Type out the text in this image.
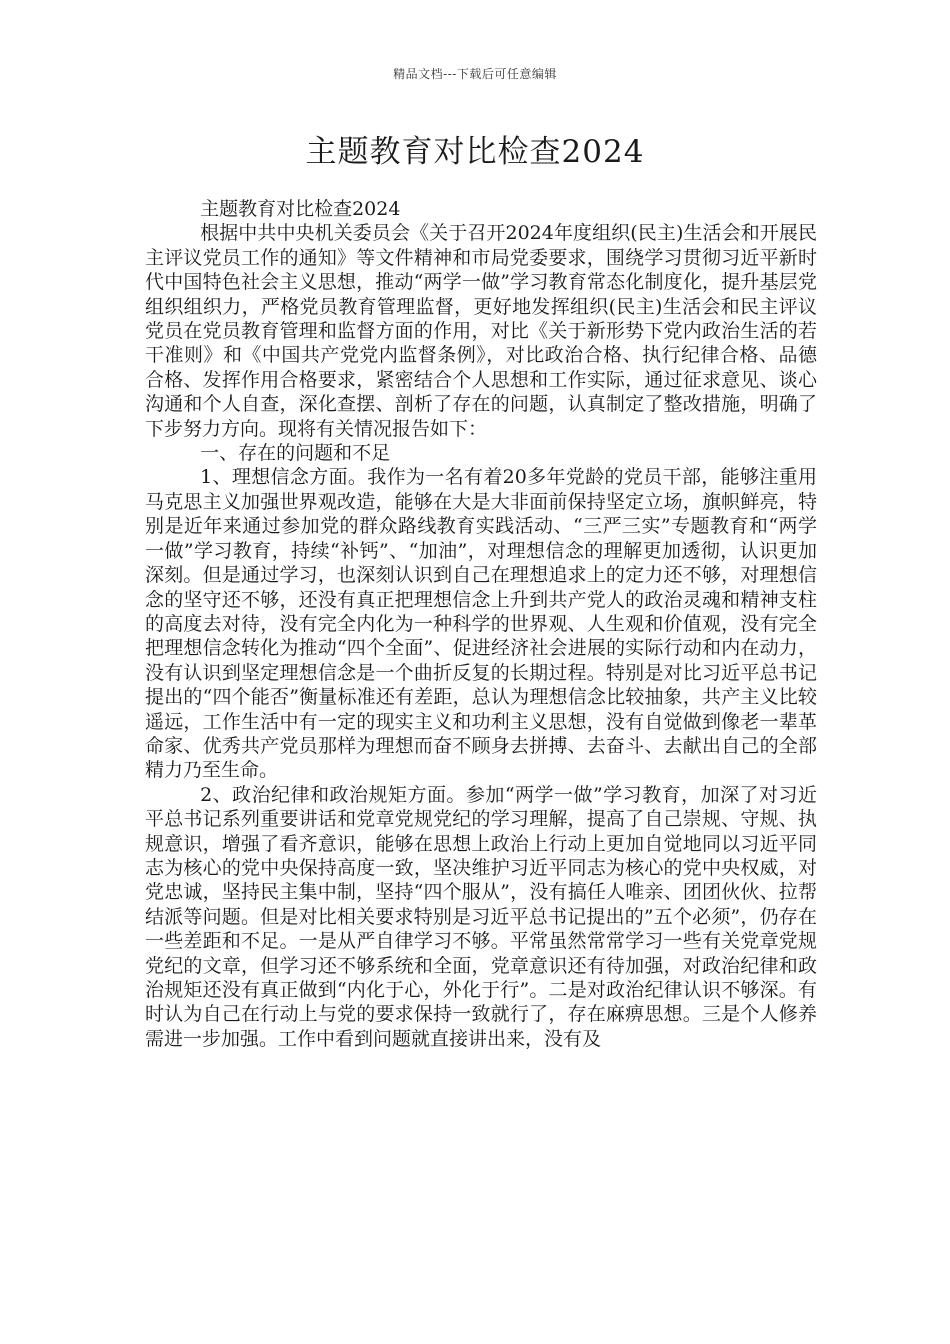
精品文档---下载后可任意编辑
主题教育对比检查2024

主题教育对比检查2024

根据中共中央机关委员会《关于召开2024年度组织(民主)生活会和开展民主评议党员工作的通知》等文件精神和市局党委要求，围绕学习贯彻习近平新时代中国特色社会主义思想，推动“两学一做”学习教育常态化制度化，提升基层党组织组织力，严格党员教育管理监督，更好地发挥组织(民主)生活会和民主评议党员在党员教育管理和监督方面的作用，对比《关于新形势下党内政治生活的若干准则》和《中国共产党党内监督条例》，对比政治合格、执行纪律合格、品德合格、发挥作用合格要求，紧密结合个人思想和工作实际，通过征求意见、谈心沟通和个人自查，深化查摆、剖析了存在的问题，认真制定了整改措施，明确了下步努力方向。现将有关情况报告如下：

一、存在的问题和不足

1、理想信念方面。我作为一名有着20多年党龄的党员干部，能够注重用马克思主义加强世界观改造，能够在大是大非面前保持坚定立场，旗帜鲜亮，特别是近年来通过参加党的群众路线教育实践活动、“三严三实”专题教育和“两学一做”学习教育，持续“补钙”、“加油”，对理想信念的理解更加透彻，认识更加深刻。但是通过学习，也深刻认识到自己在理想追求上的定力还不够，对理想信念的坚守还不够，还没有真正把理想信念上升到共产党人的政治灵魂和精神支柱的高度去对待，没有完全内化为一种科学的世界观、人生观和价值观，没有完全把理想信念转化为推动“四个全面”、促进经济社会进展的实际行动和内在动力，没有认识到坚定理想信念是一个曲折反复的长期过程。特别是对比习近平总书记提出的“四个能否”衡量标准还有差距，总认为理想信念比较抽象，共产主义比较遥远，工作生活中有一定的现实主义和功利主义思想，没有自觉做到像老一辈革命家、优秀共产党员那样为理想而奋不顾身去拼搏、去奋斗、去献出自己的全部精力乃至生命。

2、政治纪律和政治规矩方面。参加“两学一做”学习教育，加深了对习近平总书记系列重要讲话和党章党规党纪的学习理解，提高了自己崇规、守规、执规意识，增强了看齐意识，能够在思想上政治上行动上更加自觉地同以习近平同志为核心的党中央保持高度一致，坚决维护习近平同志为核心的党中央权威，对党忠诚，坚持民主集中制，坚持“四个服从”，没有搞任人唯亲、团团伙伙、拉帮结派等问题。但是对比相关要求特别是习近平总书记提出的”五个必须”，仍存在一些差距和不足。一是从严自律学习不够。平常虽然常常学习一些有关党章党规党纪的文章，但学习还不够系统和全面，党章意识还有待加强，对政治纪律和政治规矩还没有真正做到“内化于心，外化于行”。二是对政治纪律认识不够深。有时认为自己在行动上与党的要求保持一致就行了，存在麻痹思想。三是个人修养需进一步加强。工作中看到问题就直接讲出来，没有及
